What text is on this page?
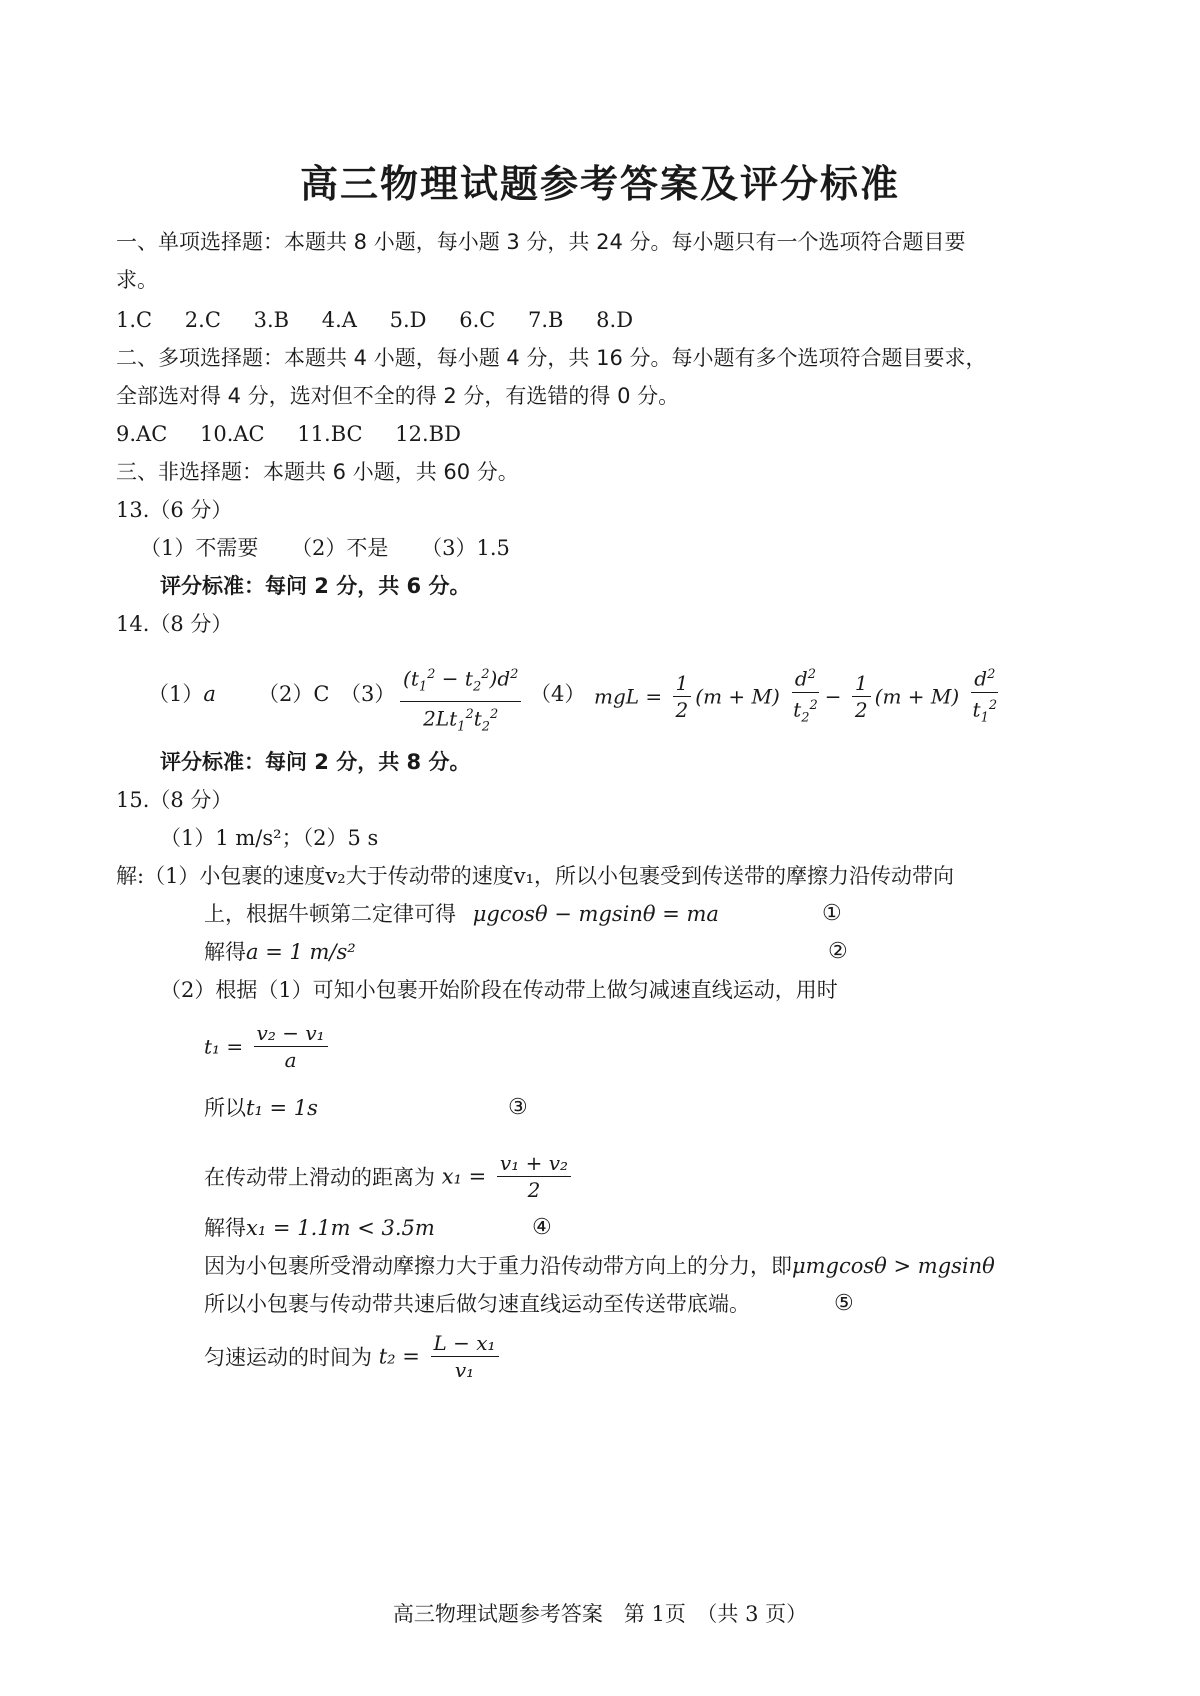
高三物理试题参考答案及评分标准
一、单项选择题：本题共 8 小题，每小题 3 分，共 24 分。每小题只有一个选项符合题目要
求。
1.C 2.C 3.B 4.A 5.D 6.C 7.B 8.D
二、多项选择题：本题共 4 小题，每小题 4 分，共 16 分。每小题有多个选项符合题目要求，
全部选对得 4 分，选对但不全的得 2 分，有选错的得 0 分。
9.AC 10.AC 11.BC 12.BD
三、非选择题：本题共 6 小题，共 60 分。
13.（6 分）
（1）不需要 （2）不是 （3）1.5
评分标准：每问 2 分，共 6 分。
14.（8 分）
（1）a （2）C $(3) \frac{(t_1^2 - t_2^2)d^2}{2Lt_1^2t_2^2} (4)$ mgL = $\frac{1}{2} (m + M) \frac{d^2}{t_2^2} - \frac{1}{2} (m + M) \frac{d^2}{t_1^2}$
评分标准：每问 2 分，共 8 分。
15.（8 分）
（1）1 m/s²；（2）5 s
解:（1）小包裹的速度v₂大于传动带的速度v₁，所以小包裹受到传送带的摩擦力沿传动带向
上，根据牛顿第二定律可得 μgcosθ − mgsinθ = ma	①
解得a = 1 m/s²	②
（2）根据（1）可知小包裹开始阶段在传动带上做匀减速直线运动，用时
$t_1 = \frac{\text{v₂ − v₁}}{a}$
所以t₁ = 1s	③
在传动带上滑动的距离为 $x_1 = \frac{\text{v₁ + v₂}}{2}$
解得x₁ = 1.1m < 3.5m	④
因为小包裹所受滑动摩擦力大于重力沿传动带方向上的分力，即μmgcosθ > mgsinθ
所以小包裹与传动带共速后做匀速直线运动至传送带底端。	⑤
匀速运动的时间为 $t_2 = \frac{\text{L − x₁}}{\text{v₁}}$
高三物理试题参考答案　第 1页　（共 3 页）
